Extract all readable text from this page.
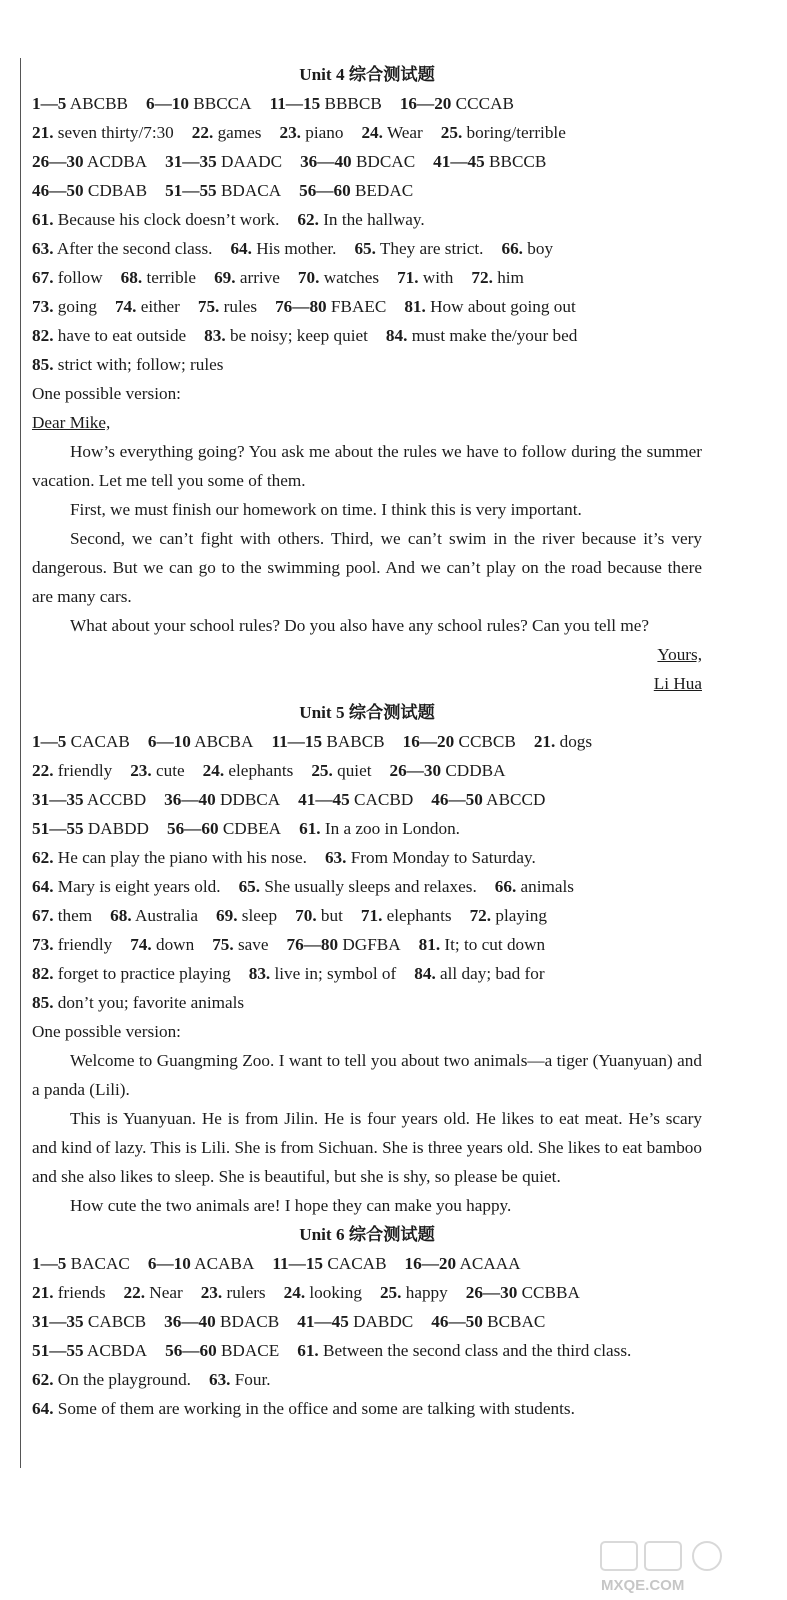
Unit 4 综合测试题
1—5 ABCBB 6—10 BBCCA 11—15 BBBCB 16—20 CCCAB
21. seven thirty/7:30 22. games 23. piano 24. Wear 25. boring/terrible
26—30 ACDBA 31—35 DAADC 36—40 BDCAC 41—45 BBCCB
46—50 CDBAB 51—55 BDACA 56—60 BEDAC
61. Because his clock doesn’t work. 62. In the hallway.
63. After the second class. 64. His mother. 65. They are strict. 66. boy
67. follow 68. terrible 69. arrive 70. watches 71. with 72. him
73. going 74. either 75. rules 76—80 FBAEC 81. How about going out
82. have to eat outside 83. be noisy; keep quiet 84. must make the/your bed
85. strict with; follow; rules
One possible version:
Dear Mike,
How’s everything going? You ask me about the rules we have to follow during the summer vacation. Let me tell you some of them.
First, we must finish our homework on time. I think this is very important.
Second, we can’t fight with others. Third, we can’t swim in the river because it’s very dangerous. But we can go to the swimming pool. And we can’t play on the road because there are many cars.
What about your school rules? Do you also have any school rules? Can you tell me?
Yours,
Li Hua
Unit 5 综合测试题
1—5 CACAB 6—10 ABCBA 11—15 BABCB 16—20 CCBCB 21. dogs
22. friendly 23. cute 24. elephants 25. quiet 26—30 CDDBA
31—35 ACCBD 36—40 DDBCA 41—45 CACBD 46—50 ABCCD
51—55 DABDD 56—60 CDBEA 61. In a zoo in London.
62. He can play the piano with his nose. 63. From Monday to Saturday.
64. Mary is eight years old. 65. She usually sleeps and relaxes. 66. animals
67. them 68. Australia 69. sleep 70. but 71. elephants 72. playing
73. friendly 74. down 75. save 76—80 DGFBA 81. It; to cut down
82. forget to practice playing 83. live in; symbol of 84. all day; bad for
85. don’t you; favorite animals
One possible version:
Welcome to Guangming Zoo. I want to tell you about two animals—a tiger (Yuanyuan) and a panda (Lili).
This is Yuanyuan. He is from Jilin. He is four years old. He likes to eat meat. He’s scary and kind of lazy. This is Lili. She is from Sichuan. She is three years old. She likes to eat bamboo and she also likes to sleep. She is beautiful, but she is shy, so please be quiet.
How cute the two animals are! I hope they can make you happy.
Unit 6 综合测试题
1—5 BACAC 6—10 ACABA 11—15 CACAB 16—20 ACAAA
21. friends 22. Near 23. rulers 24. looking 25. happy 26—30 CCBBA
31—35 CABCB 36—40 BDACB 41—45 DABDC 46—50 BCBAC
51—55 ACBDA 56—60 BDACE 61. Between the second class and the third class.
62. On the playground. 63. Four.
64. Some of them are working in the office and some are talking with students.
MXQE.COM
